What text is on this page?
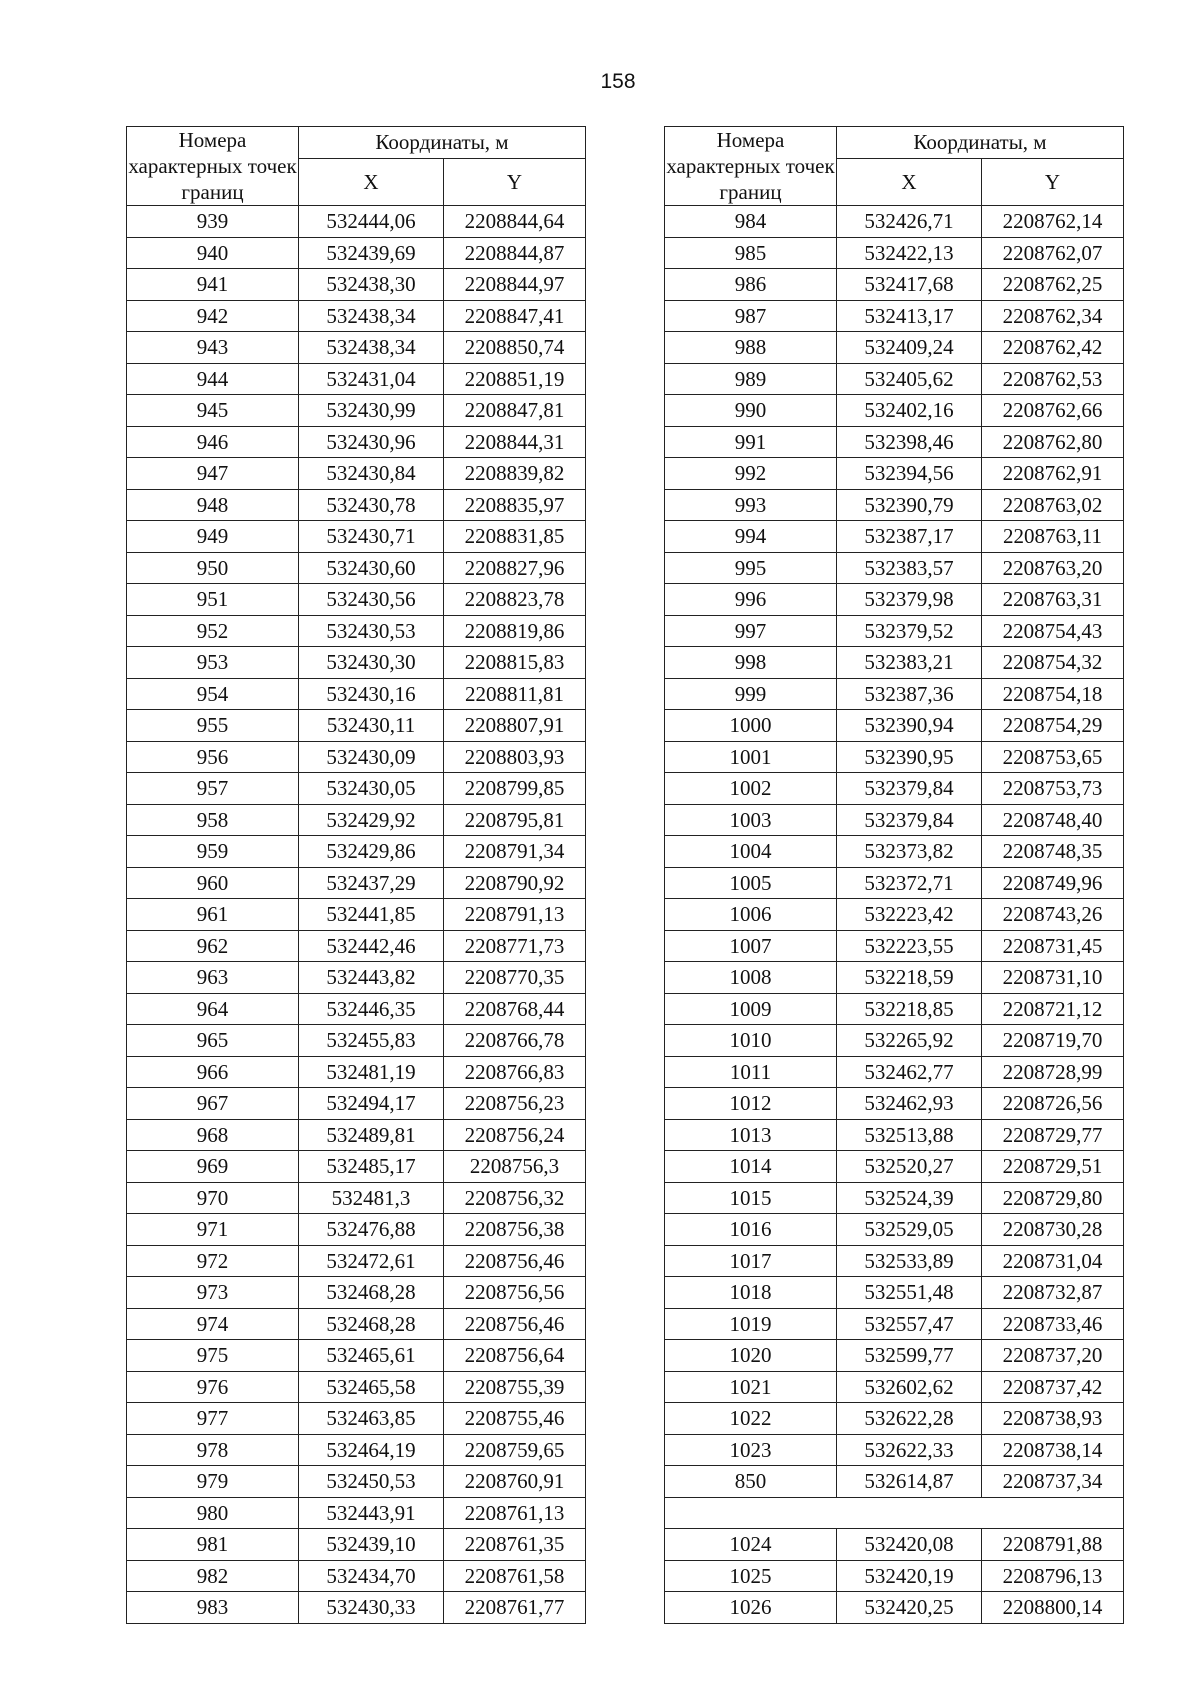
158
Номера характерных точек границ	Координаты, м	
	X	Y
939	532444,06	2208844,64
940	532439,69	2208844,87
941	532438,30	2208844,97
942	532438,34	2208847,41
943	532438,34	2208850,74
944	532431,04	2208851,19
945	532430,99	2208847,81
946	532430,96	2208844,31
947	532430,84	2208839,82
948	532430,78	2208835,97
949	532430,71	2208831,85
950	532430,60	2208827,96
951	532430,56	2208823,78
952	532430,53	2208819,86
953	532430,30	2208815,83
954	532430,16	2208811,81
955	532430,11	2208807,91
956	532430,09	2208803,93
957	532430,05	2208799,85
958	532429,92	2208795,81
959	532429,86	2208791,34
960	532437,29	2208790,92
961	532441,85	2208791,13
962	532442,46	2208771,73
963	532443,82	2208770,35
964	532446,35	2208768,44
965	532455,83	2208766,78
966	532481,19	2208766,83
967	532494,17	2208756,23
968	532489,81	2208756,24
969	532485,17	2208756,3
970	532481,3	2208756,32
971	532476,88	2208756,38
972	532472,61	2208756,46
973	532468,28	2208756,56
974	532468,28	2208756,46
975	532465,61	2208756,64
976	532465,58	2208755,39
977	532463,85	2208755,46
978	532464,19	2208759,65
979	532450,53	2208760,91
980	532443,91	2208761,13
981	532439,10	2208761,35
982	532434,70	2208761,58
983	532430,33	2208761,77
Номера характерных точек границ	Координаты, м	
	X	Y
984	532426,71	2208762,14
985	532422,13	2208762,07
986	532417,68	2208762,25
987	532413,17	2208762,34
988	532409,24	2208762,42
989	532405,62	2208762,53
990	532402,16	2208762,66
991	532398,46	2208762,80
992	532394,56	2208762,91
993	532390,79	2208763,02
994	532387,17	2208763,11
995	532383,57	2208763,20
996	532379,98	2208763,31
997	532379,52	2208754,43
998	532383,21	2208754,32
999	532387,36	2208754,18
1000	532390,94	2208754,29
1001	532390,95	2208753,65
1002	532379,84	2208753,73
1003	532379,84	2208748,40
1004	532373,82	2208748,35
1005	532372,71	2208749,96
1006	532223,42	2208743,26
1007	532223,55	2208731,45
1008	532218,59	2208731,10
1009	532218,85	2208721,12
1010	532265,92	2208719,70
1011	532462,77	2208728,99
1012	532462,93	2208726,56
1013	532513,88	2208729,77
1014	532520,27	2208729,51
1015	532524,39	2208729,80
1016	532529,05	2208730,28
1017	532533,89	2208731,04
1018	532551,48	2208732,87
1019	532557,47	2208733,46
1020	532599,77	2208737,20
1021	532602,62	2208737,42
1022	532622,28	2208738,93
1023	532622,33	2208738,14
850	532614,87	2208737,34

1024	532420,08	2208791,88
1025	532420,19	2208796,13
1026	532420,25	2208800,14
